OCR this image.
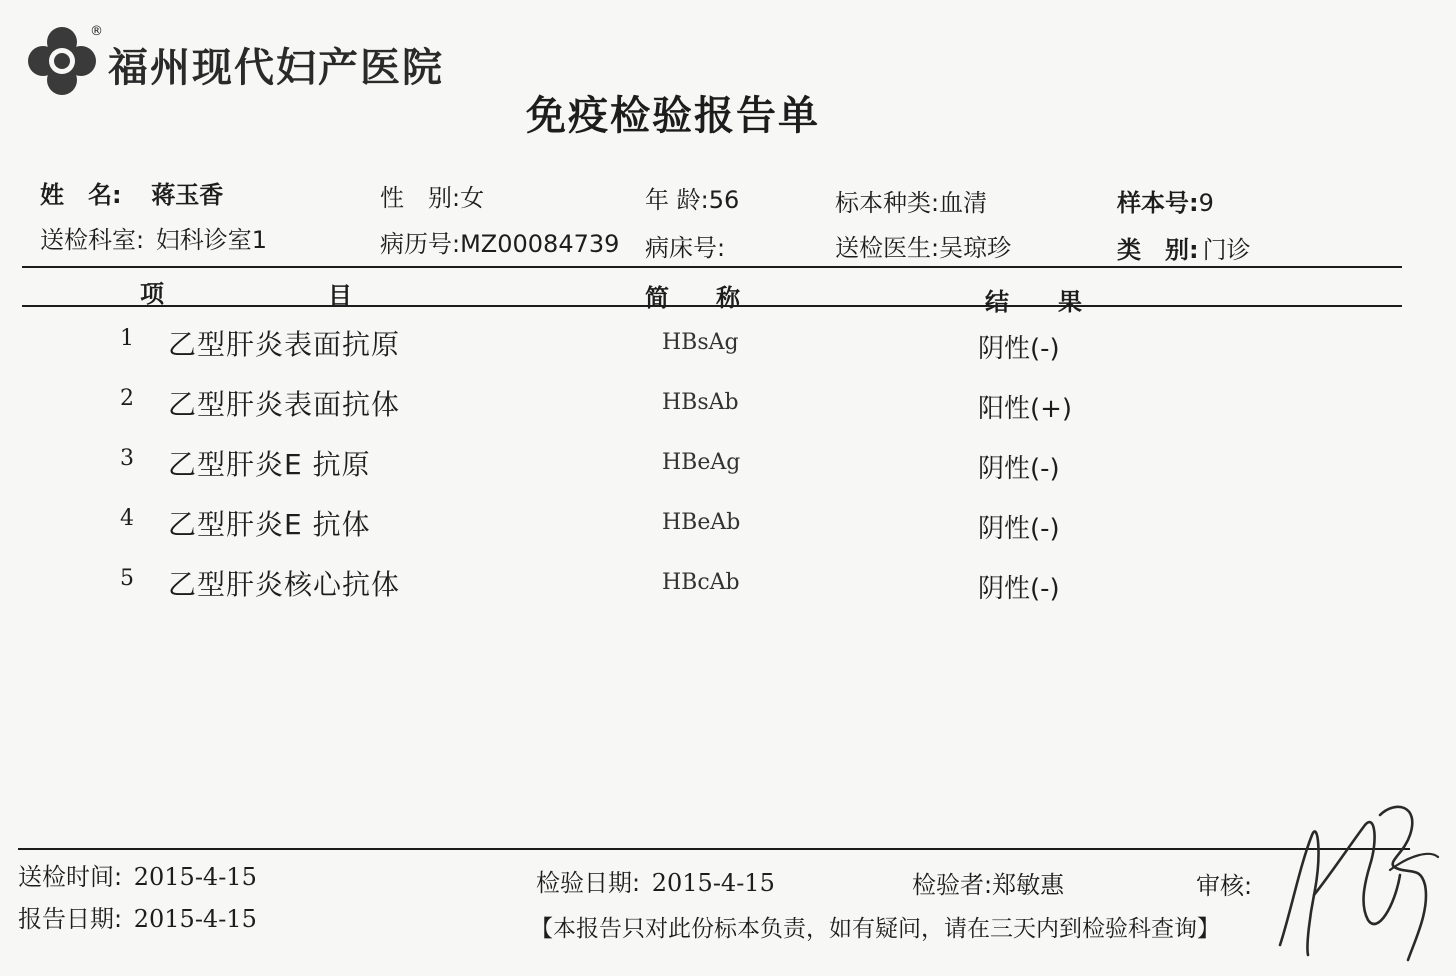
®
福州现代妇产医院
免疫检验报告单
姓　名: 蒋玉香	性　别:女	年 龄:56	标本种类:血清	样本号:9
送检科室: 妇科诊室1	病历号:MZ00084739 病床号:	送检医生:吴琼珍	类　别: 门诊
项	目	简 称	结 果
1 乙型肝炎表面抗原	HBsAg	阴性(-)
2 乙型肝炎表面抗体	HBsAb	阳性(+)
3 乙型肝炎E 抗原	HBeAg	阴性(-)
4 乙型肝炎E 抗体	HBeAb	阴性(-)
5 乙型肝炎核心抗体	HBcAb	阴性(-)
送检时间: 2015-4-15
报告日期: 2015-4-15
检验日期: 2015-4-15	检验者:郑敏惠	审核:
【本报告只对此份标本负责，如有疑问，请在三天内到检验科查询】
